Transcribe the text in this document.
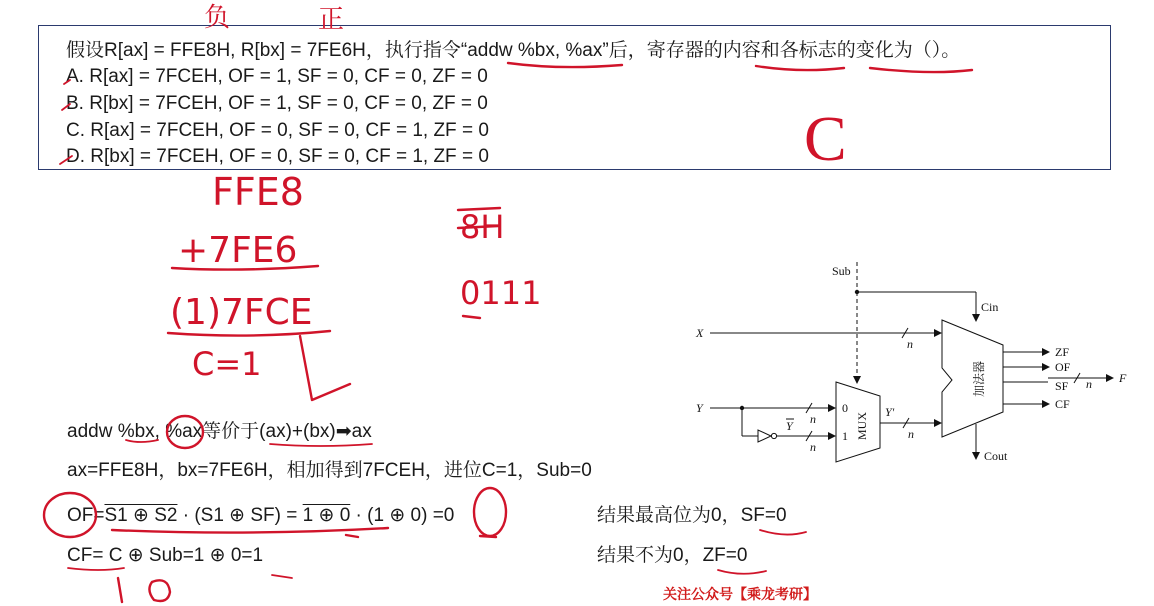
假设R[ax] = FFE8H, R[bx] = 7FE6H，执行指令“addw %bx, %ax”后，寄存器的内容和各标志的变化为（）。
A. R[ax] = 7FCEH, OF = 1, SF = 0, CF = 0, ZF = 0
B. R[bx] = 7FCEH, OF = 1, SF = 0, CF = 0, ZF = 0
C. R[ax] = 7FCEH, OF = 0, SF = 0, CF = 1, ZF = 0
D. R[bx] = 7FCEH, OF = 0, SF = 0, CF = 1, ZF = 0
addw %bx, %ax等价于(ax)+(bx)➡ax
ax=FFE8H，bx=7FE6H，相加得到7FCEH，进位C=1，Sub=0
OF=S1 ⊕ S2 · (S1 ⊕ SF) = 1 ⊕ 0 · (1 ⊕ 0) =0
CF= C ⊕ Sub=1 ⊕ 0=1
结果最高位为0，SF=0
结果不为0，ZF=0
关注公众号【乘龙考研】
Sub
Cin
X
n
Y
n
Y
n
0
1 MUX Y'
n
加法器
ZF
OF
n F
SF
CF
Cout
负	正
C
FFE8
+7FE6
(1)7FCE
C=1
8H
0111
